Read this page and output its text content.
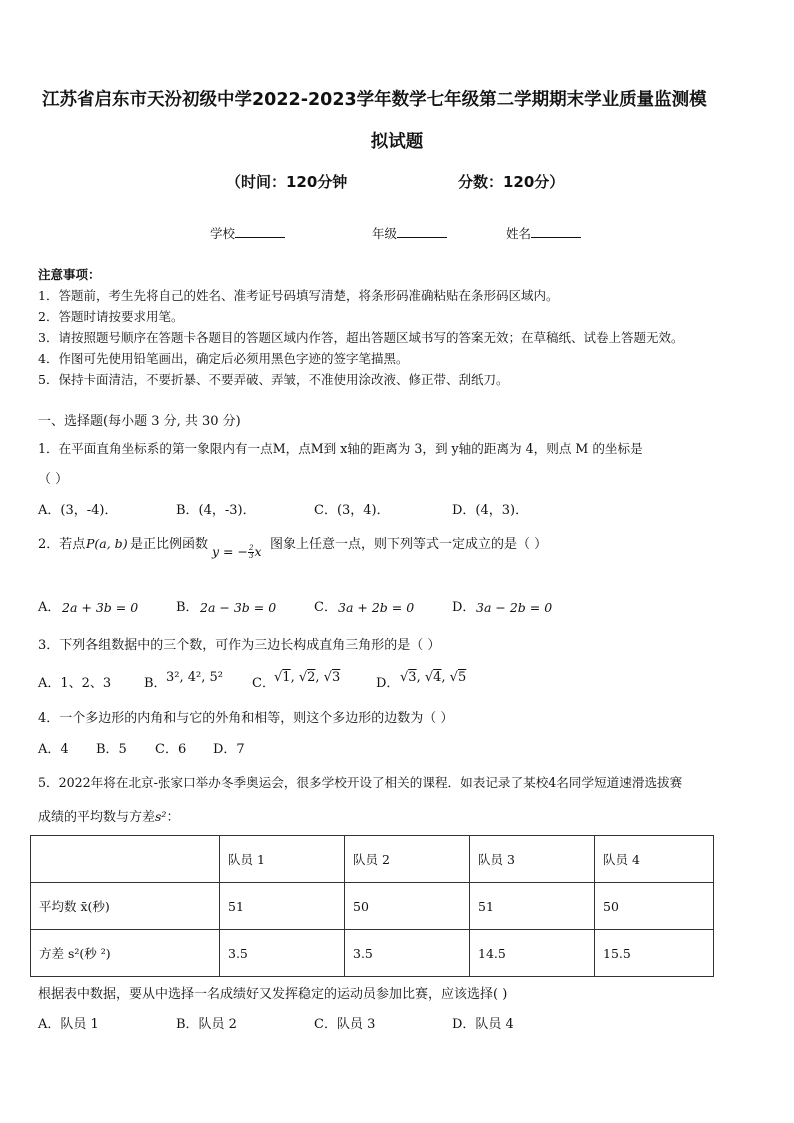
江苏省启东市天汾初级中学2022-2023学年数学七年级第二学期期末学业质量监测模
拟试题
（时间：120分钟	分数：120分）
学校	年级	姓名
注意事项：
1．答题前，考生先将自己的姓名、准考证号码填写清楚，将条形码准确粘贴在条形码区域内。
2．答题时请按要求用笔。
3．请按照题号顺序在答题卡各题目的答题区域内作答，超出答题区域书写的答案无效；在草稿纸、试卷上答题无效。
4．作图可先使用铅笔画出，确定后必须用黑色字迹的签字笔描黑。
5．保持卡面清洁，不要折暴、不要弄破、弄皱，不准使用涂改液、修正带、刮纸刀。
一、选择题(每小题 3 分, 共 30 分)
1．在平面直角坐标系的第一象限内有一点M，点M到 x轴的距离为 3，到 y轴的距离为 4，则点 M 的坐标是
（ ）
A．(3，-4)．	B．(4，-3)．	C．(3，4)．	D．(4，3)．
2．若点 P(a, b) 是正比例函数 y = − $\frac{2}{3}$ x 图象上任意一点，则下列等式一定成立的是（ ）
A． 2a + 3b = 0	B． 2a − 3b = 0	C． 3a + 2b = 0	D． 3a − 2b = 0
3．下列各组数据中的三个数，可作为三边长构成直角三角形的是（ ）
A．1、2、3	B． 3², 4², 5² C． √1, √2, √3	D． √3, √4, √5
4．一个多边形的内角和与它的外角和相等，则这个多边形的边数为（ ）
A．4 B．5 C．6 D．7
5．2022年将在北京-张家口举办冬季奥运会，很多学校开设了相关的课程．如表记录了某校4名同学短道速滑选拔赛
成绩的平均数与方差s²：
	队员 1	队员 2	队员 3	队员 4
平均数 x̄(秒)	51	50	51	50
方差 s²(秒 ²)	3.5	3.5	14.5	15.5
根据表中数据，要从中选择一名成绩好又发挥稳定的运动员参加比赛，应该选择( )
A．队员 1	B．队员 2	C．队员 3	D．队员 4
